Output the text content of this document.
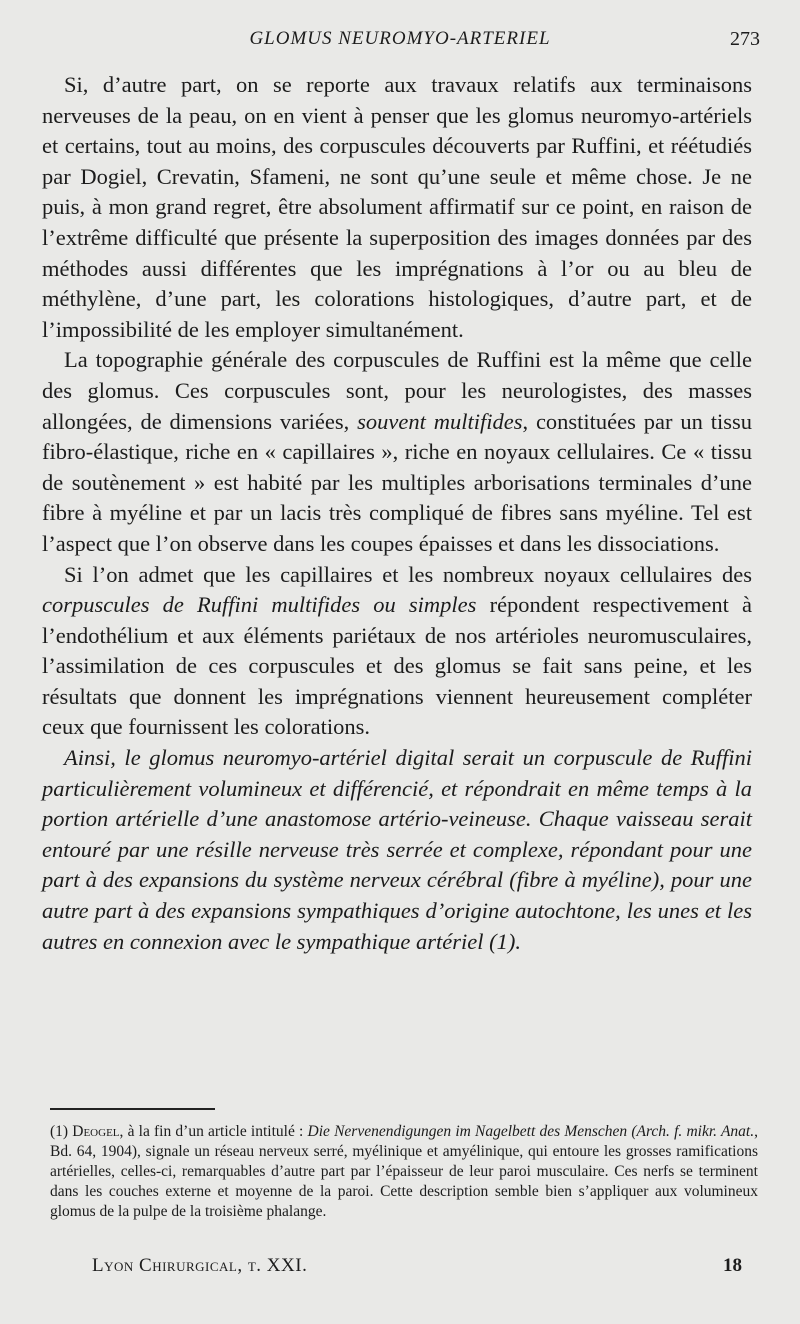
GLOMUS NEUROMYO-ARTERIEL	273

Si, d’autre part, on se reporte aux travaux relatifs aux terminaisons nerveuses de la peau, on en vient à penser que les glomus neuromyo-artériels et certains, tout au moins, des corpuscules découverts par Ruffini, et réétudiés par Dogiel, Crevatin, Sfameni, ne sont qu’une seule et même chose. Je ne puis, à mon grand regret, être absolument affirmatif sur ce point, en raison de l’extrême difficulté que présente la superposition des images données par des méthodes aussi différentes que les imprégnations à l’or ou au bleu de méthylène, d’une part, les colorations histologiques, d’autre part, et de l’impossibilité de les employer simultanément.

La topographie générale des corpuscules de Ruffini est la même que celle des glomus. Ces corpuscules sont, pour les neurologistes, des masses allongées, de dimensions variées, souvent multifides, constituées par un tissu fibro-élastique, riche en « capillaires », riche en noyaux cellulaires. Ce « tissu de soutènement » est habité par les multiples arborisations terminales d’une fibre à myéline et par un lacis très compliqué de fibres sans myéline. Tel est l’aspect que l’on observe dans les coupes épaisses et dans les dissociations.

Si l’on admet que les capillaires et les nombreux noyaux cellulaires des corpuscules de Ruffini multifides ou simples répondent respectivement à l’endothélium et aux éléments pariétaux de nos artérioles neuromusculaires, l’assimilation de ces corpuscules et des glomus se fait sans peine, et les résultats que donnent les imprégnations viennent heureusement compléter ceux que fournissent les colorations.

Ainsi, le glomus neuromyo-artériel digital serait un corpuscule de Ruffini particulièrement volumineux et différencié, et répondrait en même temps à la portion artérielle d’une anastomose artério-veineuse. Chaque vaisseau serait entouré par une résille nerveuse très serrée et complexe, répondant pour une part à des expansions du système nerveux cérébral (fibre à myéline), pour une autre part à des expansions sympathiques d’origine autochtone, les unes et les autres en connexion avec le sympathique artériel (1).

(1) Deogel, à la fin d’un article intitulé : Die Nervenendigungen im Nagelbett des Menschen (Arch. f. mikr. Anat., Bd. 64, 1904), signale un réseau nerveux serré, myélinique et amyélinique, qui entoure les grosses ramifications artérielles, celles-ci, remarquables d’autre part par l’épaisseur de leur paroi musculaire. Ces nerfs se terminent dans les couches externe et moyenne de la paroi. Cette description semble bien s’appliquer aux volumineux glomus de la pulpe de la troisième phalange.
Lyon Chirurgical, t. XXI.	18
